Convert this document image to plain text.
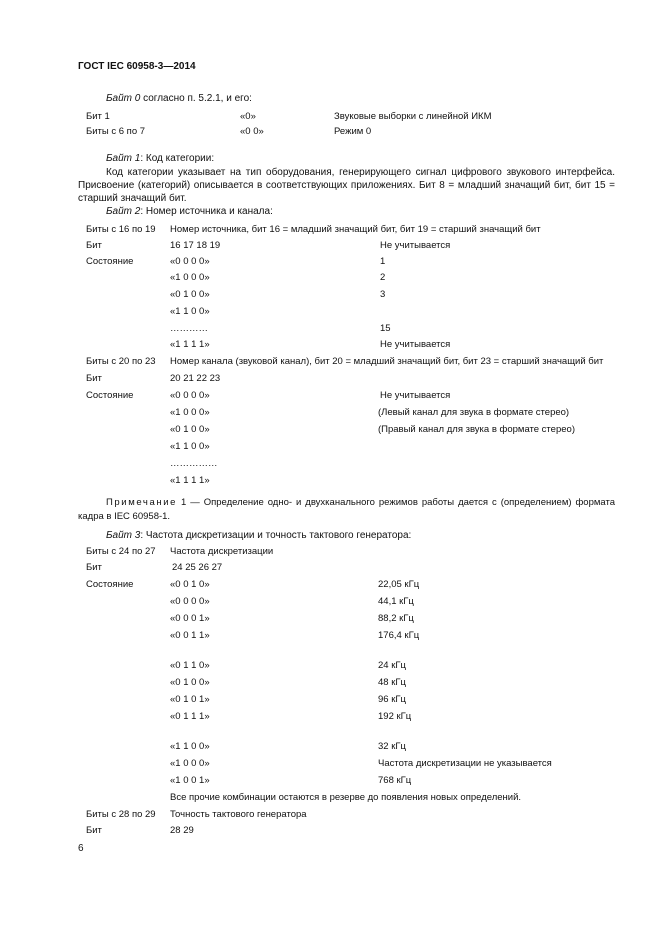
ГОСТ IEC 60958-3—2014
Байт 0 согласно п. 5.2.1, и его:
Бит 1	«0»	Звуковые выборки с линейной ИКМ
Биты с 6 по 7	«0 0»	Режим 0
Байт 1: Код категории:
Код категории указывает на тип оборудования, генерирующего сигнал цифрового звукового интерфейса. Присвоение (категорий) описывается в соответствующих приложениях. Бит 8 = младший значащий бит, бит 15 = старший значащий бит.
Байт 2: Номер источника и канала:
Биты с 16 по 19 Номер источника, бит 16 = младший значащий бит, бит 19 = старший значащий бит
Бит	16 17 18 19	Не учитывается
Состояние	«0 0 0 0»	1
«1 0 0 0»	2
«0 1 0 0»	3
«1 1 0 0»
…………	15
«1 1 1 1»	Не учитывается
Биты с 20 по 23 Номер канала (звуковой канал), бит 20 = младший значащий бит, бит 23 = старший значащий бит
Бит	20 21 22 23
Состояние	«0 0 0 0»	Не учитывается
«1 0 0 0»	(Левый канал для звука в формате стерео)
«0 1 0 0»	(Правый канал для звука в формате стерео)
«1 1 0 0»
……………
«1 1 1 1»
Примечание 1 — Определение одно- и двухканального режимов работы дается с (определением) формата кадра в IEC 60958-1.
Байт 3: Частота дискретизации и точность тактового генератора:
Биты с 24 по 27 Частота дискретизации
Бит	24 25 26 27
Состояние	«0 0 1 0»	22,05 кГц
«0 0 0 0»	44,1 кГц
«0 0 0 1»	88,2 кГц
«0 0 1 1»	176,4 кГц
«0 1 1 0»	24 кГц
«0 1 0 0»	48 кГц
«0 1 0 1»	96 кГц
«0 1 1 1»	192 кГц
«1 1 0 0»	32 кГц
«1 0 0 0»	Частота дискретизации не указывается
«1 0 0 1»	768 кГц
Все прочие комбинации остаются в резерве до появления новых определений.
Биты с 28 по 29 Точность тактового генератора
Бит	28 29
6
